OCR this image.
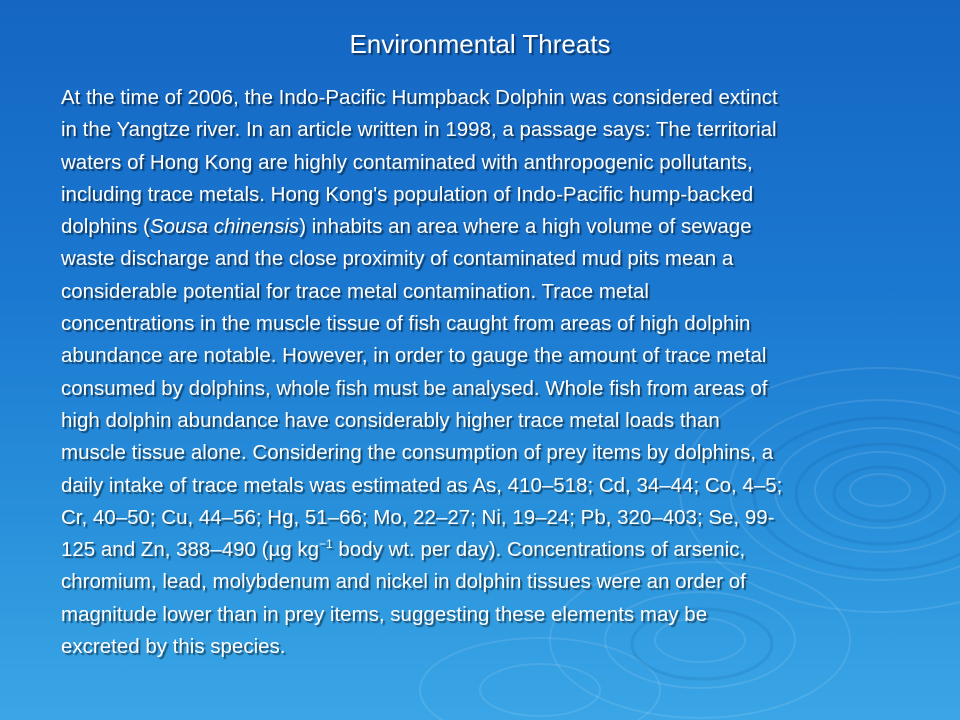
Environmental Threats
At the time of 2006, the Indo-Pacific Humpback Dolphin was considered extinct
in the Yangtze river. In an article written in 1998, a passage says: The territorial
waters of Hong Kong are highly contaminated with anthropogenic pollutants,
including trace metals. Hong Kong's population of Indo-Pacific hump-backed
dolphins (Sousa chinensis) inhabits an area where a high volume of sewage
waste discharge and the close proximity of contaminated mud pits mean a
considerable potential for trace metal contamination. Trace metal
concentrations in the muscle tissue of fish caught from areas of high dolphin
abundance are notable. However, in order to gauge the amount of trace metal
consumed by dolphins, whole fish must be analysed. Whole fish from areas of
high dolphin abundance have considerably higher trace metal loads than
muscle tissue alone. Considering the consumption of prey items by dolphins, a
daily intake of trace metals was estimated as As, 410–518; Cd, 34–44; Co, 4–5;
Cr, 40–50; Cu, 44–56; Hg, 51–66; Mo, 22–27; Ni, 19–24; Pb, 320–403; Se, 99-
125 and Zn, 388–490 (µg $kg^{-1}$ body wt. per day). Concentrations of arsenic,
chromium, lead, molybdenum and nickel in dolphin tissues were an order of
magnitude lower than in prey items, suggesting these elements may be
excreted by this species.
